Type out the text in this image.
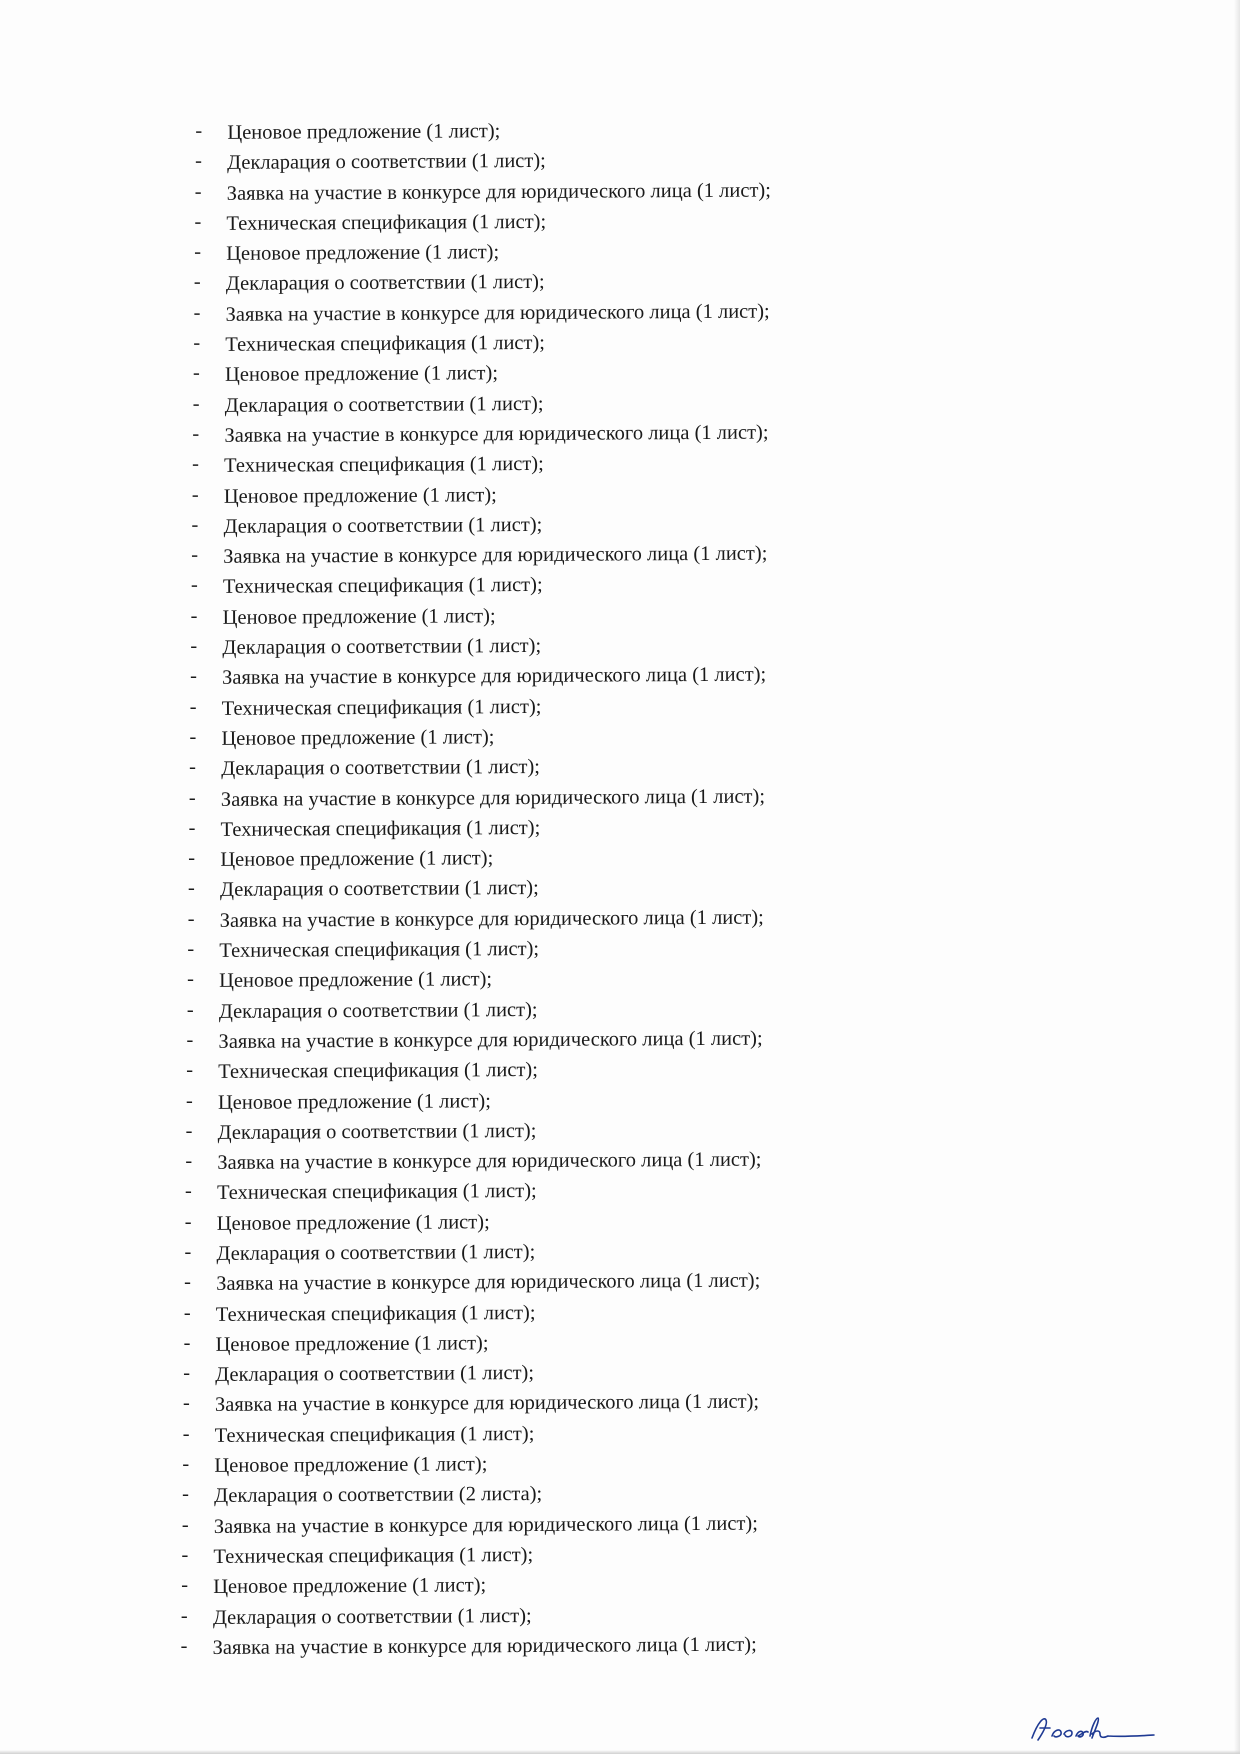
- Ценовое предложение (1 лист);
- Декларация о соответствии (1 лист);
- Заявка на участие в конкурсе для юридического лица (1 лист);
- Техническая спецификация (1 лист);
- Ценовое предложение (1 лист);
- Декларация о соответствии (1 лист);
- Заявка на участие в конкурсе для юридического лица (1 лист);
- Техническая спецификация (1 лист);
- Ценовое предложение (1 лист);
- Декларация о соответствии (1 лист);
- Заявка на участие в конкурсе для юридического лица (1 лист);
- Техническая спецификация (1 лист);
- Ценовое предложение (1 лист);
- Декларация о соответствии (1 лист);
- Заявка на участие в конкурсе для юридического лица (1 лист);
- Техническая спецификация (1 лист);
- Ценовое предложение (1 лист);
- Декларация о соответствии (1 лист);
- Заявка на участие в конкурсе для юридического лица (1 лист);
- Техническая спецификация (1 лист);
- Ценовое предложение (1 лист);
- Декларация о соответствии (1 лист);
- Заявка на участие в конкурсе для юридического лица (1 лист);
- Техническая спецификация (1 лист);
- Ценовое предложение (1 лист);
- Декларация о соответствии (1 лист);
- Заявка на участие в конкурсе для юридического лица (1 лист);
- Техническая спецификация (1 лист);
- Ценовое предложение (1 лист);
- Декларация о соответствии (1 лист);
- Заявка на участие в конкурсе для юридического лица (1 лист);
- Техническая спецификация (1 лист);
- Ценовое предложение (1 лист);
- Декларация о соответствии (1 лист);
- Заявка на участие в конкурсе для юридического лица (1 лист);
- Техническая спецификация (1 лист);
- Ценовое предложение (1 лист);
- Декларация о соответствии (1 лист);
- Заявка на участие в конкурсе для юридического лица (1 лист);
- Техническая спецификация (1 лист);
- Ценовое предложение (1 лист);
- Декларация о соответствии (1 лист);
- Заявка на участие в конкурсе для юридического лица (1 лист);
- Техническая спецификация (1 лист);
- Ценовое предложение (1 лист);
- Декларация о соответствии (2 листа);
- Заявка на участие в конкурсе для юридического лица (1 лист);
- Техническая спецификация (1 лист);
- Ценовое предложение (1 лист);
- Декларация о соответствии (1 лист);
- Заявка на участие в конкурсе для юридического лица (1 лист);
